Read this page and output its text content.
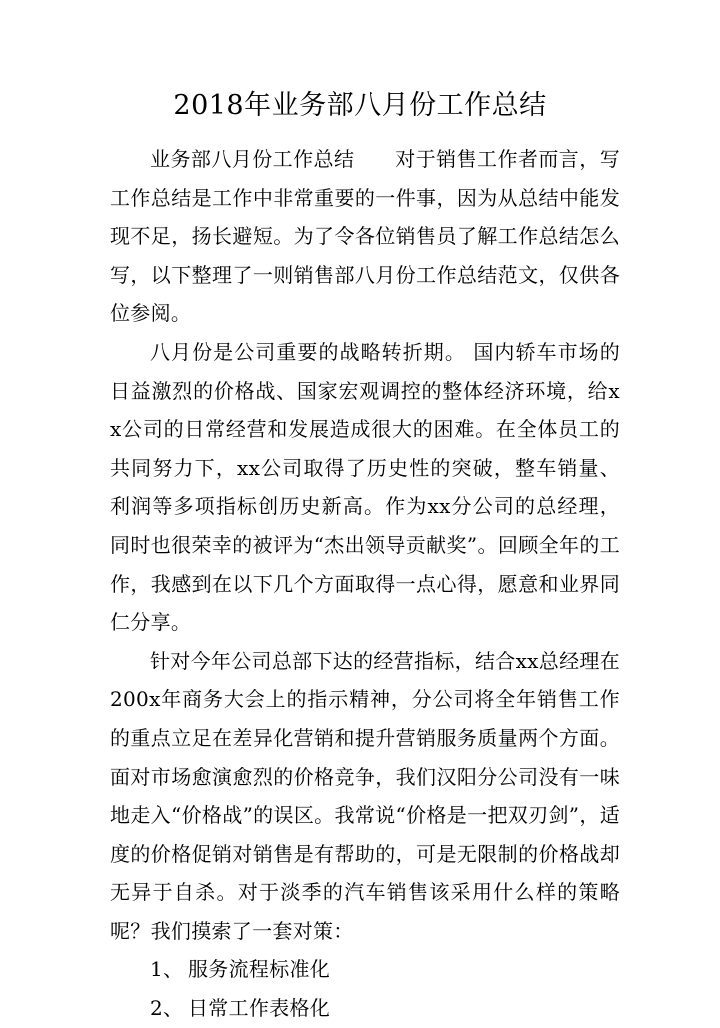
2018年业务部八月份工作总结

业务部八月份工作总结　　对于销售工作者而言，写工作总结是工作中非常重要的一件事，因为从总结中能发现不足，扬长避短。为了令各位销售员了解工作总结怎么写，以下整理了一则销售部八月份工作总结范文，仅供各位参阅。

八月份是公司重要的战略转折期。 国内轿车市场的日益激烈的价格战、国家宏观调控的整体经济环境，给xx公司的日常经营和发展造成很大的困难。在全体员工的共同努力下，xx公司取得了历史性的突破，整车销量、利润等多项指标创历史新高。作为xx分公司的总经理，同时也很荣幸的被评为“杰出领导贡献奖”。回顾全年的工作，我感到在以下几个方面取得一点心得，愿意和业界同仁分享。

针对今年公司总部下达的经营指标，结合xx总经理在200x年商务大会上的指示精神，分公司将全年销售工作的重点立足在差异化营销和提升营销服务质量两个方面。面对市场愈演愈烈的价格竞争，我们汉阳分公司没有一味地走入“价格战”的误区。我常说“价格是一把双刃剑”，适度的价格促销对销售是有帮助的，可是无限制的价格战却无异于自杀。对于淡季的汽车销售该采用什么样的策略呢？我们摸索了一套对策：

1、 服务流程标准化
2、 日常工作表格化
